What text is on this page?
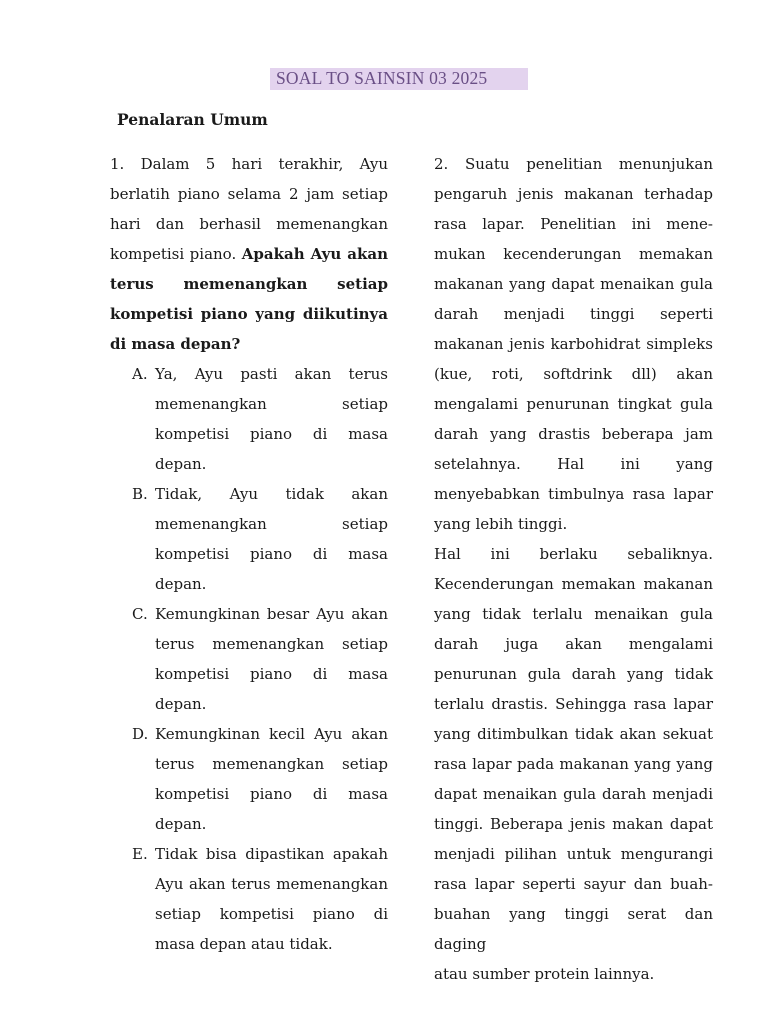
SOAL TO SAINSIN 03 2025
Penalaran Umum
1. Dalam 5 hari terakhir, Ayu
berlatih piano selama 2 jam setiap
hari dan berhasil memenangkan
kompetisi piano. Apakah Ayu akan
terus memenangkan setiap
kompetisi piano yang diikutinya
di masa depan?
A. Ya, Ayu pasti akan terus
memenangkan setiap
kompetisi piano di masa
depan.
B. Tidak, Ayu tidak akan
memenangkan setiap
kompetisi piano di masa
depan.
C. Kemungkinan besar Ayu akan
terus memenangkan setiap
kompetisi piano di masa
depan.
D. Kemungkinan kecil Ayu akan
terus memenangkan setiap
kompetisi piano di masa
depan.
E. Tidak bisa dipastikan apakah
Ayu akan terus memenangkan
setiap kompetisi piano di
masa depan atau tidak.
2. Suatu penelitian menunjukan
pengaruh jenis makanan terhadap
rasa lapar. Penelitian ini mene-
mukan kecenderungan memakan
makanan yang dapat menaikan gula
darah menjadi tinggi seperti
makanan jenis karbohidrat simpleks
(kue, roti, softdrink dll) akan
mengalami penurunan tingkat gula
darah yang drastis beberapa jam
setelahnya. Hal ini yang
menyebabkan timbulnya rasa lapar
yang lebih tinggi.
Hal ini berlaku sebaliknya.
Kecenderungan memakan makanan
yang tidak terlalu menaikan gula
darah juga akan mengalami
penurunan gula darah yang tidak
terlalu drastis. Sehingga rasa lapar
yang ditimbulkan tidak akan sekuat
rasa lapar pada makanan yang yang
dapat menaikan gula darah menjadi
tinggi. Beberapa jenis makan dapat
menjadi pilihan untuk mengurangi
rasa lapar seperti sayur dan buah-
buahan yang tinggi serat dan daging
atau sumber protein lainnya.
